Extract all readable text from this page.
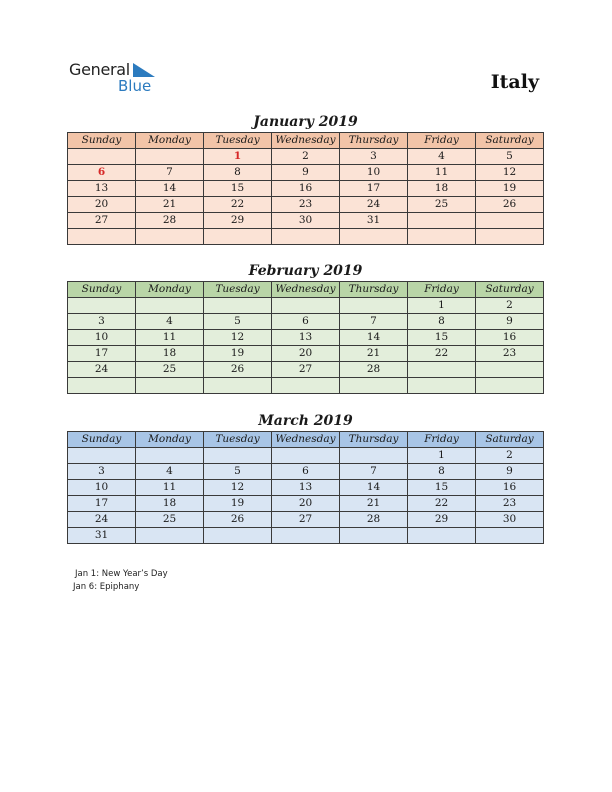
General
Blue	Italy
January 2019
Sunday	Monday	Tuesday	Wednesday	Thursday	Friday	Saturday
		1	2	3	4	5
6	7	8	9	10	11	12
13	14	15	16	17	18	19
20	21	22	23	24	25	26
27	28	29	30	31		

February 2019
Sunday	Monday	Tuesday	Wednesday	Thursday	Friday	Saturday
					1	2
3	4	5	6	7	8	9
10	11	12	13	14	15	16
17	18	19	20	21	22	23
24	25	26	27	28		

March 2019
Sunday	Monday	Tuesday	Wednesday	Thursday	Friday	Saturday
					1	2
3	4	5	6	7	8	9
10	11	12	13	14	15	16
17	18	19	20	21	22	23
24	25	26	27	28	29	30
31						
Jan 1: New Year’s Day
Jan 6: Epiphany
